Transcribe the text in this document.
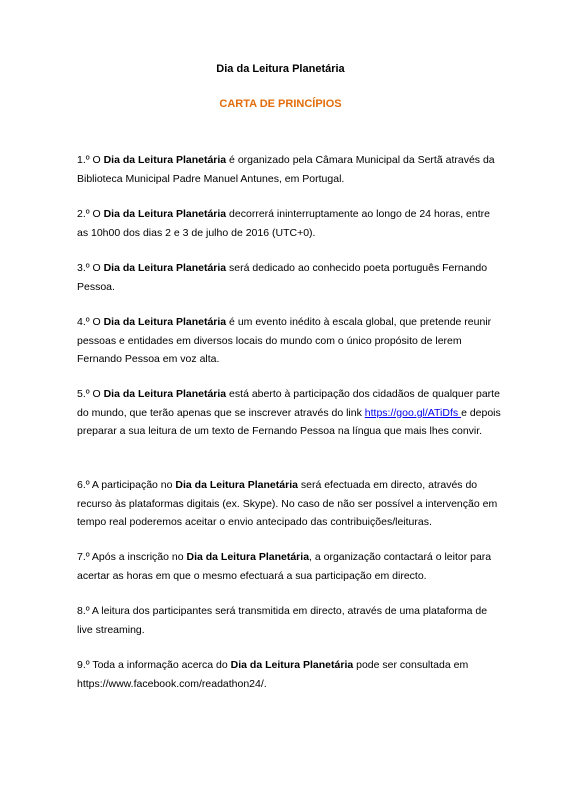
Dia da Leitura Planetária
CARTA DE PRINCÍPIOS

1.º O Dia da Leitura Planetária é organizado pela Câmara Municipal da Sertã através da Biblioteca Municipal Padre Manuel Antunes, em Portugal.

2.º O Dia da Leitura Planetária decorrerá ininterruptamente ao longo de 24 horas, entre as 10h00 dos dias 2 e 3 de julho de 2016 (UTC+0).

3.º O Dia da Leitura Planetária será dedicado ao conhecido poeta português Fernando Pessoa.

4.º O Dia da Leitura Planetária é um evento inédito à escala global, que pretende reunir pessoas e entidades em diversos locais do mundo com o único propósito de lerem Fernando Pessoa em voz alta.

5.º O Dia da Leitura Planetária está aberto à participação dos cidadãos de qualquer parte do mundo, que terão apenas que se inscrever através do link https://goo.gl/ATiDfs e depois preparar a sua leitura de um texto de Fernando Pessoa na língua que mais lhes convir.

6.º A participação no Dia da Leitura Planetária será efectuada em directo, através do recurso às plataformas digitais (ex. Skype). No caso de não ser possível a intervenção em tempo real poderemos aceitar o envio antecipado das contribuições/leituras.

7.º Após a inscrição no Dia da Leitura Planetária, a organização contactará o leitor para acertar as horas em que o mesmo efectuará a sua participação em directo.

8.º A leitura dos participantes será transmitida em directo, através de uma plataforma de live streaming.

9.º Toda a informação acerca do Dia da Leitura Planetária pode ser consultada em https://www.facebook.com/readathon24/.
